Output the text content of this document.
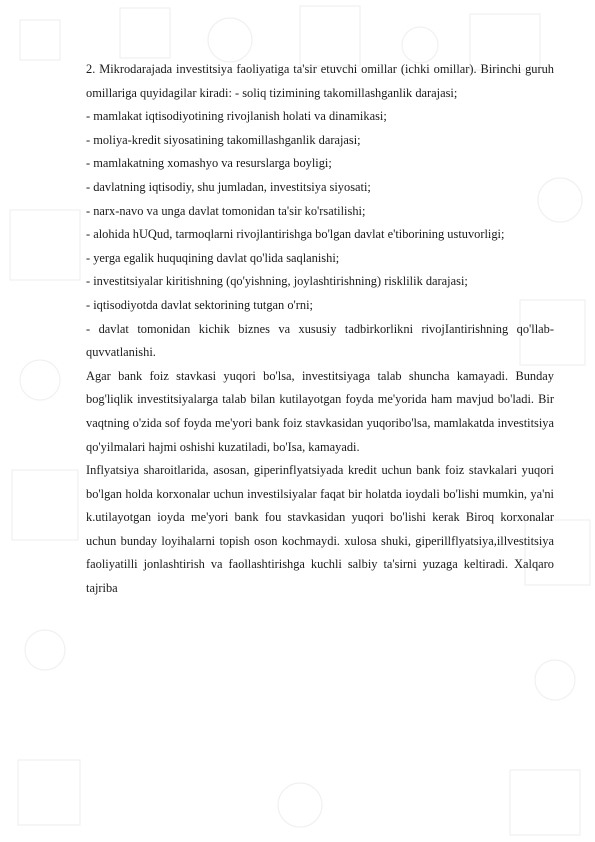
2. Mikrodarajada investitsiya faoliyatiga ta'sir etuvchi omillar (ichki omillar). Birinchi guruh omillariga quyidagilar kiradi: - soliq tizimining takomillashganlik darajasi;

- mamlakat iqtisodiyotining rivojlanish holati va dinamikasi;

- moliya-kredit siyosatining takomillashganlik darajasi;

- mamlakatning xomashyo va resurslarga boyligi;

- davlatning iqtisodiy, shu jumladan, investitsiya siyosati;

- narx-navo va unga davlat tomonidan ta'sir ko'rsatilishi;

- alohida hUQud, tarmoqlarni rivojlantirishga bo'lgan davlat e'tiborining ustuvorligi;

- yerga egalik huquqining davlat qo'lida saqlanishi;

- investitsiyalar kiritishning (qo'yishning, joylashtirishning) risklilik darajasi;

- iqtisodiyotda davlat sektorining tutgan o'rni;

- davlat tomonidan kichik biznes va xususiy tadbirkorlikni rivojIantirishning qo'llab-quvvatlanishi.

Agar bank foiz stavkasi yuqori bo'lsa, investitsiyaga talab shuncha kamayadi. Bunday bog'liqlik investitsiyalarga talab bilan kutilayotgan foyda me'yorida ham mavjud bo'ladi. Bir vaqtning o'zida sof foyda me'yori bank foiz stavkasidan yuqoribo'lsa, mamlakatda investitsiya qo'yilmalari hajmi oshishi kuzatiladi, bo'Isa, kamayadi.

Inflyatsiya sharoitlarida, asosan, giperinflyatsiyada kredit uchun bank foiz stavkalari yuqori bo'lgan holda korxonalar uchun investilsiyalar faqat bir holatda ioydali bo'lishi mumkin, ya'ni k.utilayotgan ioyda me'yori bank fou stavkasidan yuqori bo'lishi kerak Biroq korxonalar uchun bunday loyihalarni topish oson kochmaydi. xulosa shuki, giperillflyatsiya,illvestitsiya faoliyatilli jonlashtirish va faollashtirishga kuchli salbiy ta'sirni yuzaga keltiradi. Xalqaro tajriba
